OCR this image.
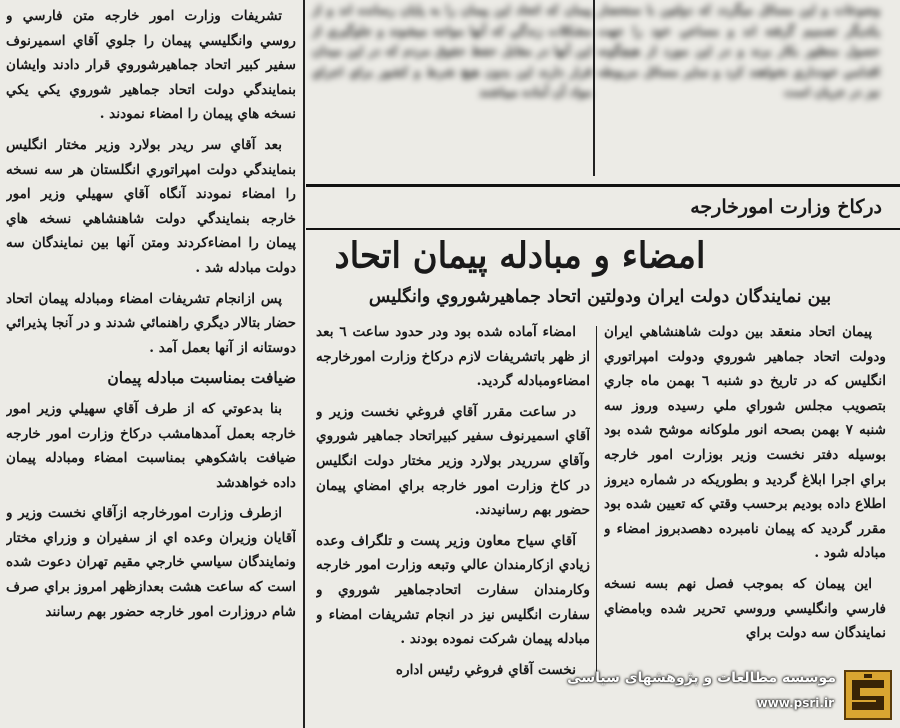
وضوعات و اين مسائل ميگردد كه دولتين با ستحضار يكديگر تصميم گرفته اند و مساعي خود را جهت حصول منظور بكار برند و در اين مورد از هيچگونه اقدامي خودداري نخواهند كرد و ساير مسائل مربوطه نيز در جريان است
پيمان كه اتحاد اين پيمان را به پايان رسانده اند و از مشكلات زندگي كه آنها مواجه ميشوند و جلوگيري از اين آنها در مقابل حفظ حقوق مردم كه در اين ميدان قرار دارند اين بدون هيچ شرط و كشور براي اجراي مواد آن آماده ميباشند
دركاخ وزارت امورخارجه
امضاء و مبادله پيمان اتحاد
بين نمايندگان دولت ايران ودولتين اتحاد جماهيرشوروي وانگليس

پيمان اتحاد منعقد بين دولت شاهنشاهي ايران ودولت اتحاد جماهير شوروي ودولت امپراتوري انگليس كه در تاريخ دو شنبه ٦ بهمن ماه جاري بتصويب مجلس شوراي ملي رسيده وروز سه شنبه ٧ بهمن بصحه انور ملوكانه موشح شده بود بوسيله دفتر نخست وزير بوزارت امور خارجه براي اجرا ابلاغ گرديد و بطوريكه در شماره ديروز اطلاع داده بوديم برحسب وقتي كه تعيين شده بود مقرر گرديد كه پيمان نامبرده دهصدبروز امضاء و مبادله شود .

اين پيمان كه بموجب فصل نهم بسه نسخه فارسي وانگليسي وروسي تحرير شده وبامضاي نمايندگان سه دولت براي

امضاء آماده شده بود ودر حدود ساعت ٦ بعد از ظهر باتشريفات لازم دركاخ وزارت امورخارجه امضاءومبادله گرديد.

در ساعت مقرر آقاي فروغي نخست وزير و آقاي اسميرنوف سفير كبيراتحاد جماهير شوروي وآقاي سرريدر بولارد وزير مختار دولت انگليس در كاخ وزارت امور خارجه براي امضاي پيمان حضور بهم رسانيدند.

آقاي سياح معاون وزير پست و تلگراف وعده زيادي ازكارمندان عالي وتبعه وزارت امور خارجه وكارمندان سفارت اتحادجماهير شوروي و سفارت انگليس نيز در انجام تشريفات امضاء و مبادله پيمان شركت نموده بودند .

نخست آقاي فروغي رئيس اداره

تشريفات وزارت امور خارجه متن فارسي و روسي وانگليسي پيمان را جلوي آقاي اسميرنوف سفير كبير اتحاد جماهيرشوروي قرار دادند وايشان بنمايندگي دولت اتحاد جماهير شوروي يكي يكي نسخه هاي پيمان را امضاء نمودند .

بعد آقاي سر ريدر بولارد وزير مختار انگليس بنمايندگي دولت امپراتوري انگلستان هر سه نسخه را امضاء نمودند آنگاه آقاي سهيلي وزير امور خارجه بنمايندگي دولت شاهنشاهي نسخه هاي پيمان را امضاءكردند ومتن آنها بين نمايندگان سه دولت مبادله شد .

پس ازانجام تشريفات امضاء ومبادله پيمان اتحاد حضار بتالار ديگري راهنمائي شدند و در آنجا پذيرائي دوستانه از آنها بعمل آمد .

ضيافت بمناسبت مبادله پيمان

بنا بدعوتي كه از طرف آقاي سهيلي وزير امور خارجه بعمل آمدهامشب دركاخ وزارت امور خارجه ضيافت باشكوهي بمناسبت امضاء ومبادله پيمان داده خواهدشد

ازطرف وزارت امورخارجه ازآقاي نخست وزير و آقايان وزيران وعده اي از سفيران و وزراي مختار ونمايندگان سياسي خارجي مقيم تهران دعوت شده است كه ساعت هشت بعدازظهر امروز براي صرف شام دروزارت امور خارجه حضور بهم رسانند

موسسه مطالعات و پژوهشهای سیاسی
www.psri.ir
